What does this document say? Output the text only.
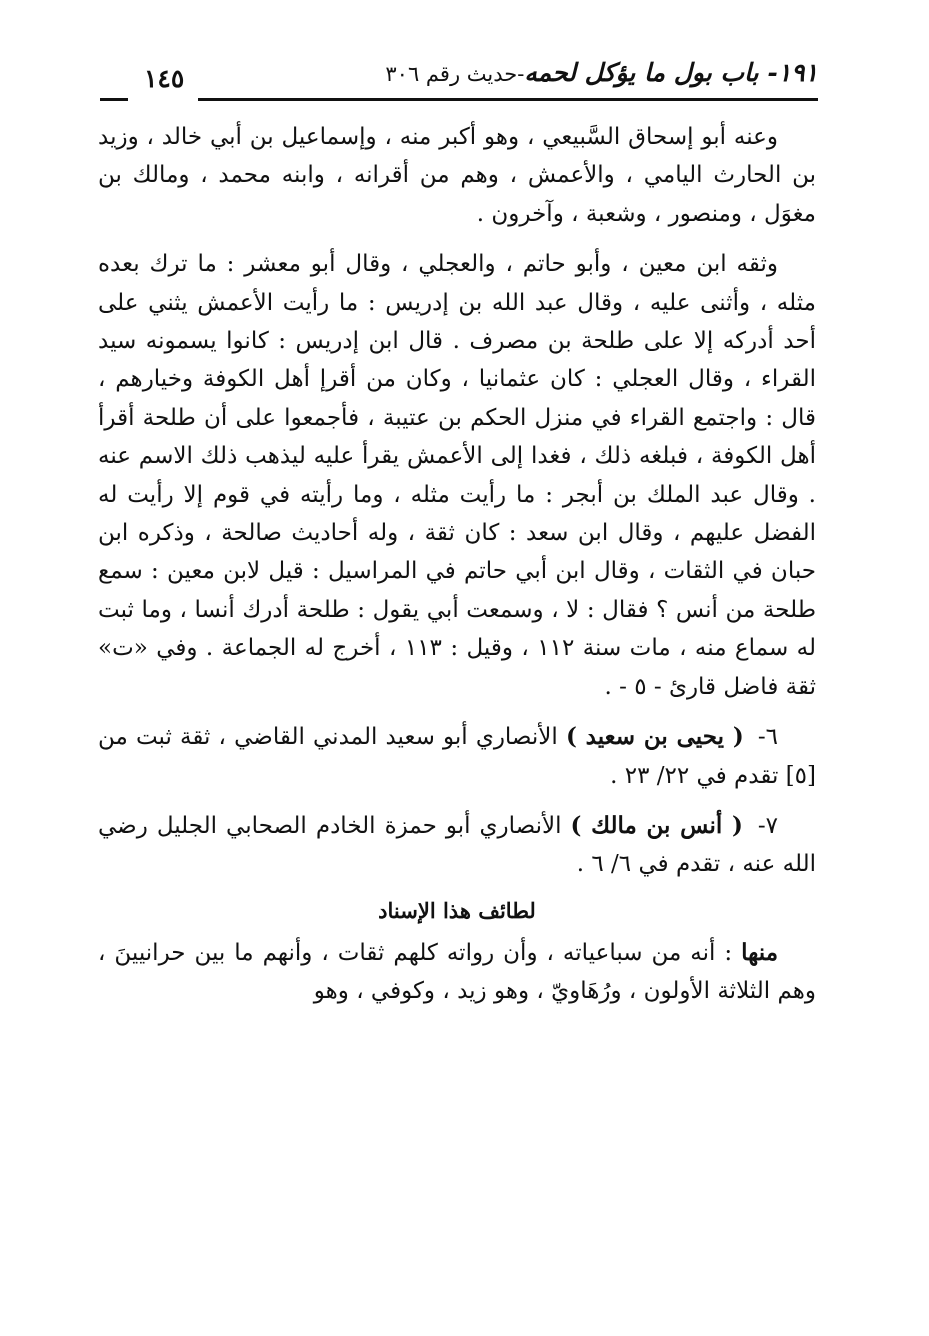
١٩١- باب بول ما يؤكل لحمه-حديث رقم ٣٠٦
١٤٥

وعنه أبو إسحاق السَّبيعي ، وهو أكبر منه ، وإسماعيل بن أبي خالد ، وزيد بن الحارث اليامي ، والأعمش ، وهم من أقرانه ، وابنه محمد ، ومالك بن مغوَل ، ومنصور ، وشعبة ، وآخرون .

وثقه ابن معين ، وأبو حاتم ، والعجلي ، وقال أبو معشر : ما ترك بعده مثله ، وأثنى عليه ، وقال عبد الله بن إدريس : ما رأيت الأعمش يثني على أحد أدركه إلا على طلحة بن مصرف . قال ابن إدريس : كانوا يسمونه سيد القراء ، وقال العجلي : كان عثمانيا ، وكان من أقرإ أهل الكوفة وخيارهم ، قال : واجتمع القراء في منزل الحكم بن عتيبة ، فأجمعوا على أن طلحة أقرأ أهل الكوفة ، فبلغه ذلك ، فغدا إلى الأعمش يقرأ عليه ليذهب ذلك الاسم عنه . وقال عبد الملك بن أبجر : ما رأيت مثله ، وما رأيته في قوم إلا رأيت له الفضل عليهم ، وقال ابن سعد : كان ثقة ، وله أحاديث صالحة ، وذكره ابن حبان في الثقات ، وقال ابن أبي حاتم في المراسيل : قيل لابن معين : سمع طلحة من أنس ؟ فقال : لا ، وسمعت أبي يقول : طلحة أدرك أنسا ، وما ثبت له سماع منه ، مات سنة ١١٢ ، وقيل : ١١٣ ، أخرج له الجماعة . وفي «ت» ثقة فاضل قارئ - ٥ - .

٦- ( يحيى بن سعيد ) الأنصاري أبو سعيد المدني القاضي ، ثقة ثبت من [٥] تقدم في ٢٢/ ٢٣ .

٧- ( أنس بن مالك ) الأنصاري أبو حمزة الخادم الصحابي الجليل رضي الله عنه ، تقدم في ٦/ ٦ .

لطائف هذا الإسناد

منها : أنه من سباعياته ، وأن رواته كلهم ثقات ، وأنهم ما بين حرانيينَ ، وهم الثلاثة الأولون ، ورُهَاويّ ، وهو زيد ، وكوفي ، وهو
